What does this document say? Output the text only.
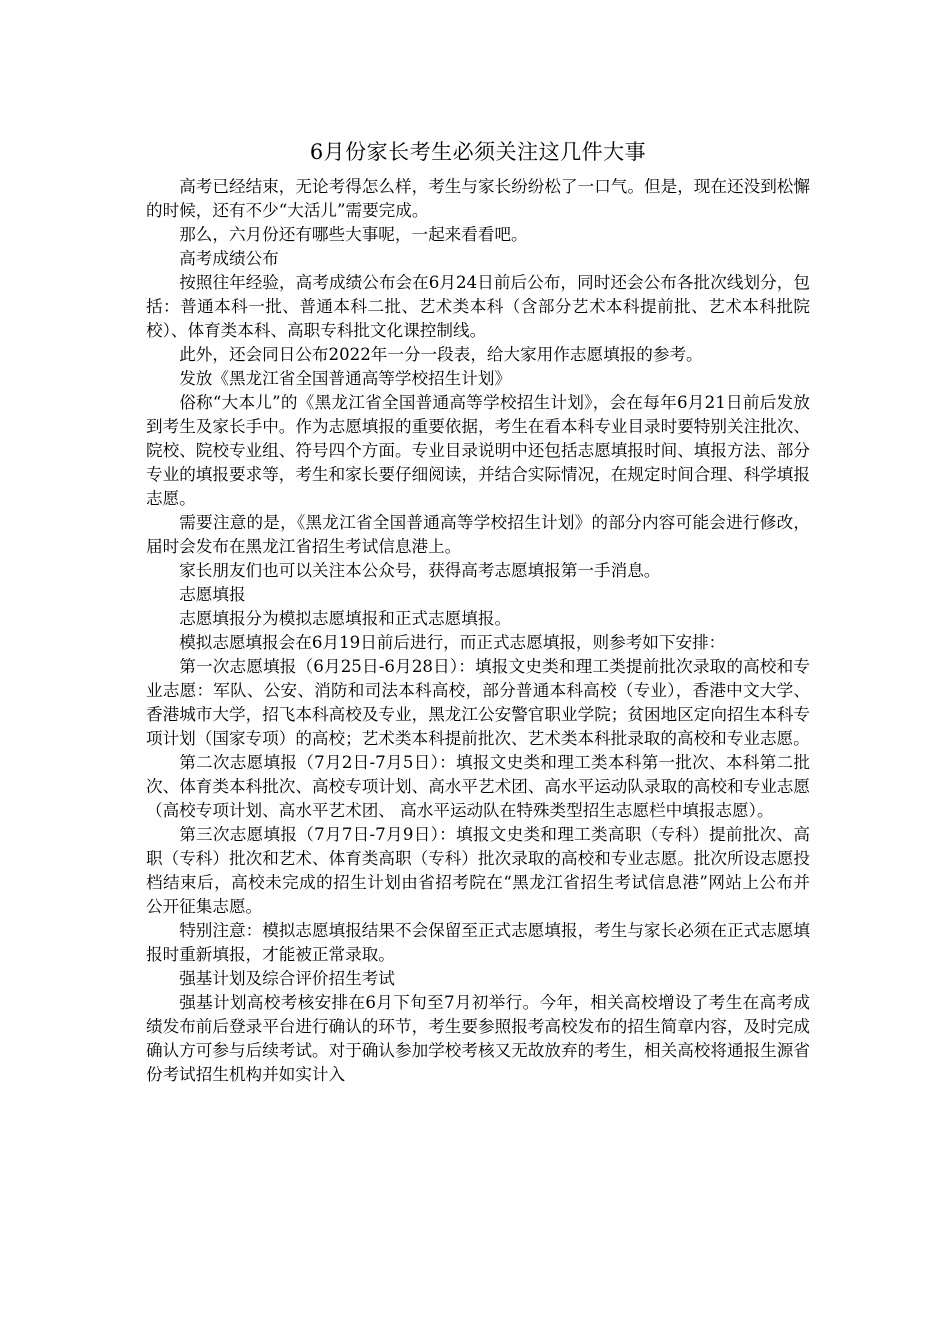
6月份家长考生必须关注这几件大事

高考已经结束，无论考得怎么样，考生与家长纷纷松了一口气。但是，现在还没到松懈的时候，还有不少“大活儿”需要完成。

那么，六月份还有哪些大事呢，一起来看看吧。

高考成绩公布

按照往年经验，高考成绩公布会在6月24日前后公布，同时还会公布各批次线划分，包括：普通本科一批、普通本科二批、艺术类本科（含部分艺术本科提前批、艺术本科批院校）、体育类本科、高职专科批文化课控制线。

此外，还会同日公布2022年一分一段表，给大家用作志愿填报的参考。

发放《黑龙江省全国普通高等学校招生计划》

俗称“大本儿”的《黑龙江省全国普通高等学校招生计划》，会在每年6月21日前后发放到考生及家长手中。作为志愿填报的重要依据，考生在看本科专业目录时要特别关注批次、院校、院校专业组、符号四个方面。专业目录说明中还包括志愿填报时间、填报方法、部分专业的填报要求等，考生和家长要仔细阅读，并结合实际情况，在规定时间合理、科学填报志愿。

需要注意的是，《黑龙江省全国普通高等学校招生计划》的部分内容可能会进行修改，届时会发布在黑龙江省招生考试信息港上。

家长朋友们也可以关注本公众号，获得高考志愿填报第一手消息。

志愿填报

志愿填报分为模拟志愿填报和正式志愿填报。

模拟志愿填报会在6月19日前后进行，而正式志愿填报，则参考如下安排：

第一次志愿填报（6月25日-6月28日）：填报文史类和理工类提前批次录取的高校和专业志愿：军队、公安、消防和司法本科高校，部分普通本科高校（专业），香港中文大学、香港城市大学，招飞本科高校及专业，黑龙江公安警官职业学院；贫困地区定向招生本科专项计划（国家专项）的高校；艺术类本科提前批次、艺术类本科批录取的高校和专业志愿。

第二次志愿填报（7月2日-7月5日）：填报文史类和理工类本科第一批次、本科第二批次、体育类本科批次、高校专项计划、高水平艺术团、高水平运动队录取的高校和专业志愿（高校专项计划、高水平艺术团、 高水平运动队在特殊类型招生志愿栏中填报志愿）。

第三次志愿填报（7月7日-7月9日）：填报文史类和理工类高职（专科）提前批次、高职（专科）批次和艺术、体育类高职（专科）批次录取的高校和专业志愿。批次所设志愿投档结束后，高校未完成的招生计划由省招考院在“黑龙江省招生考试信息港”网站上公布并公开征集志愿。

特别注意：模拟志愿填报结果不会保留至正式志愿填报，考生与家长必须在正式志愿填报时重新填报，才能被正常录取。

强基计划及综合评价招生考试

强基计划高校考核安排在6月下旬至7月初举行。今年，相关高校增设了考生在高考成绩发布前后登录平台进行确认的环节，考生要参照报考高校发布的招生简章内容，及时完成确认方可参与后续考试。对于确认参加学校考核又无故放弃的考生，相关高校将通报生源省份考试招生机构并如实计入
